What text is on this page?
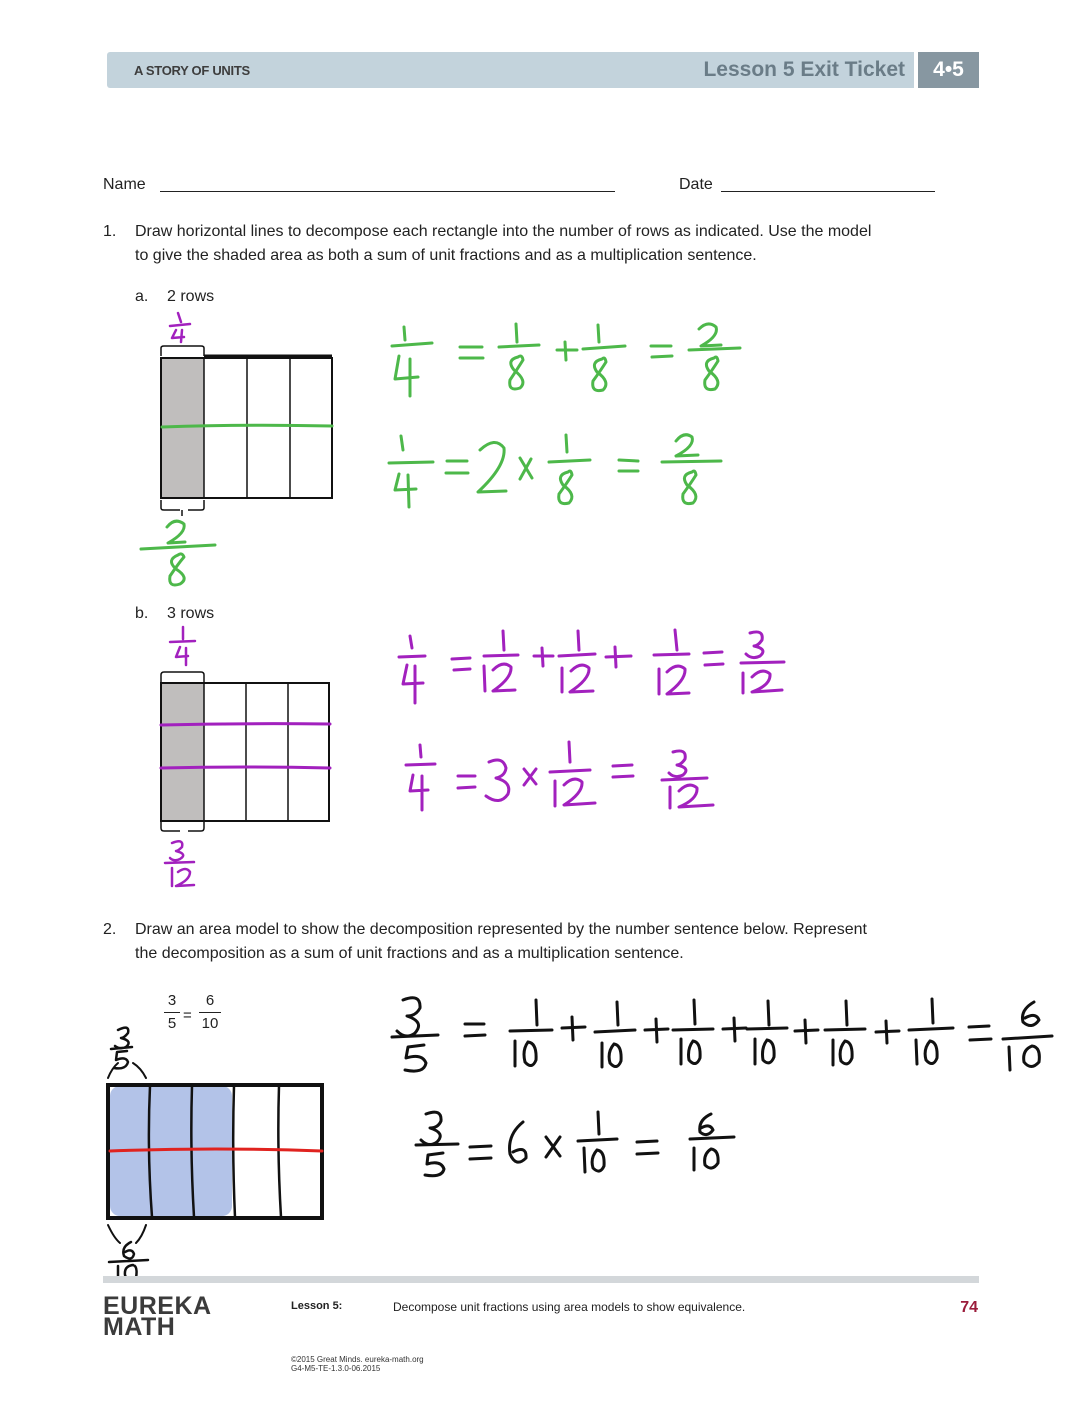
A STORY OF UNITS	Lesson 5 Exit Ticket	4•5
Name	Date
1. Draw horizontal lines to decompose each rectangle into the number of rows as indicated. Use the model
to give the shaded area as both a sum of unit fractions and as a multiplication sentence.
a. 2 rows
b. 3 rows
2. Draw an area model to show the decomposition represented by the number sentence below. Represent
the decomposition as a sum of unit fractions and as a multiplication sentence.
3
5 =
6
10
EUREKA
MATH
Lesson 5:	Decompose unit fractions using area models to show equivalence.	74
©2015 Great Minds. eureka-math.org
G4-M5-TE-1.3.0-06.2015
